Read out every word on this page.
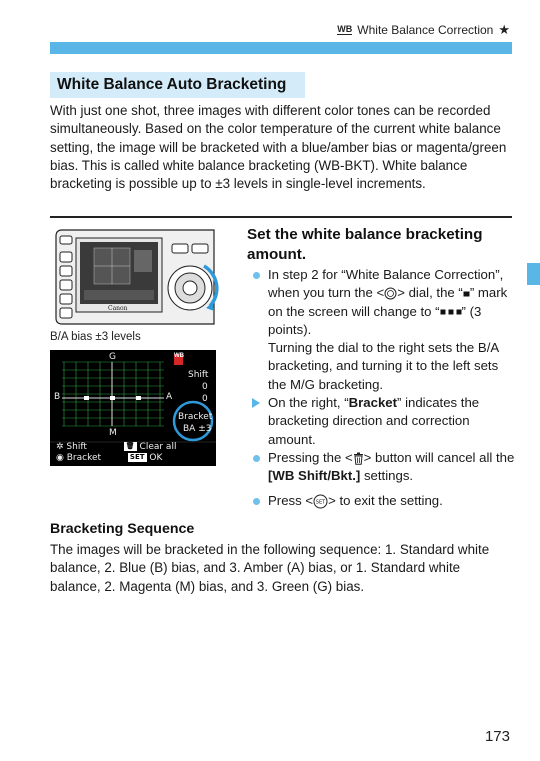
WB White Balance Correction ★
White Balance Auto Bracketing

With just one shot, three images with different color tones can be recorded simultaneously. Based on the color temperature of the current white balance setting, the image will be bracketed with a blue/amber bias or magenta/green bias. This is called white balance bracketing (WB-BKT). White balance bracketing is possible up to ±3 levels in single-level increments.

Canon
B/A bias ±3 levels
G
B	A
M
WB
Shift
0
0
Bracket
BA ±3
✲ Shift	🗑 Clear all
◉ Bracket	SET OK
Set the white balance bracketing amount.
In step 2 for “White Balance Correction”, when you turn the < > dial, the “ ” mark on the screen will change to “ ” (3 points).
Turning the dial to the right sets the B/A bracketing, and turning it to the left sets the M/G bracketing.
On the right, “Bracket” indicates the bracketing direction and correction amount.
Pressing the < > button will cancel all the [WB Shift/Bkt.] settings.
Press < SET > to exit the setting.
Bracketing Sequence

The images will be bracketed in the following sequence: 1. Standard white balance, 2. Blue (B) bias, and 3. Amber (A) bias, or 1. Standard white balance, 2. Magenta (M) bias, and 3. Green (G) bias.

173
